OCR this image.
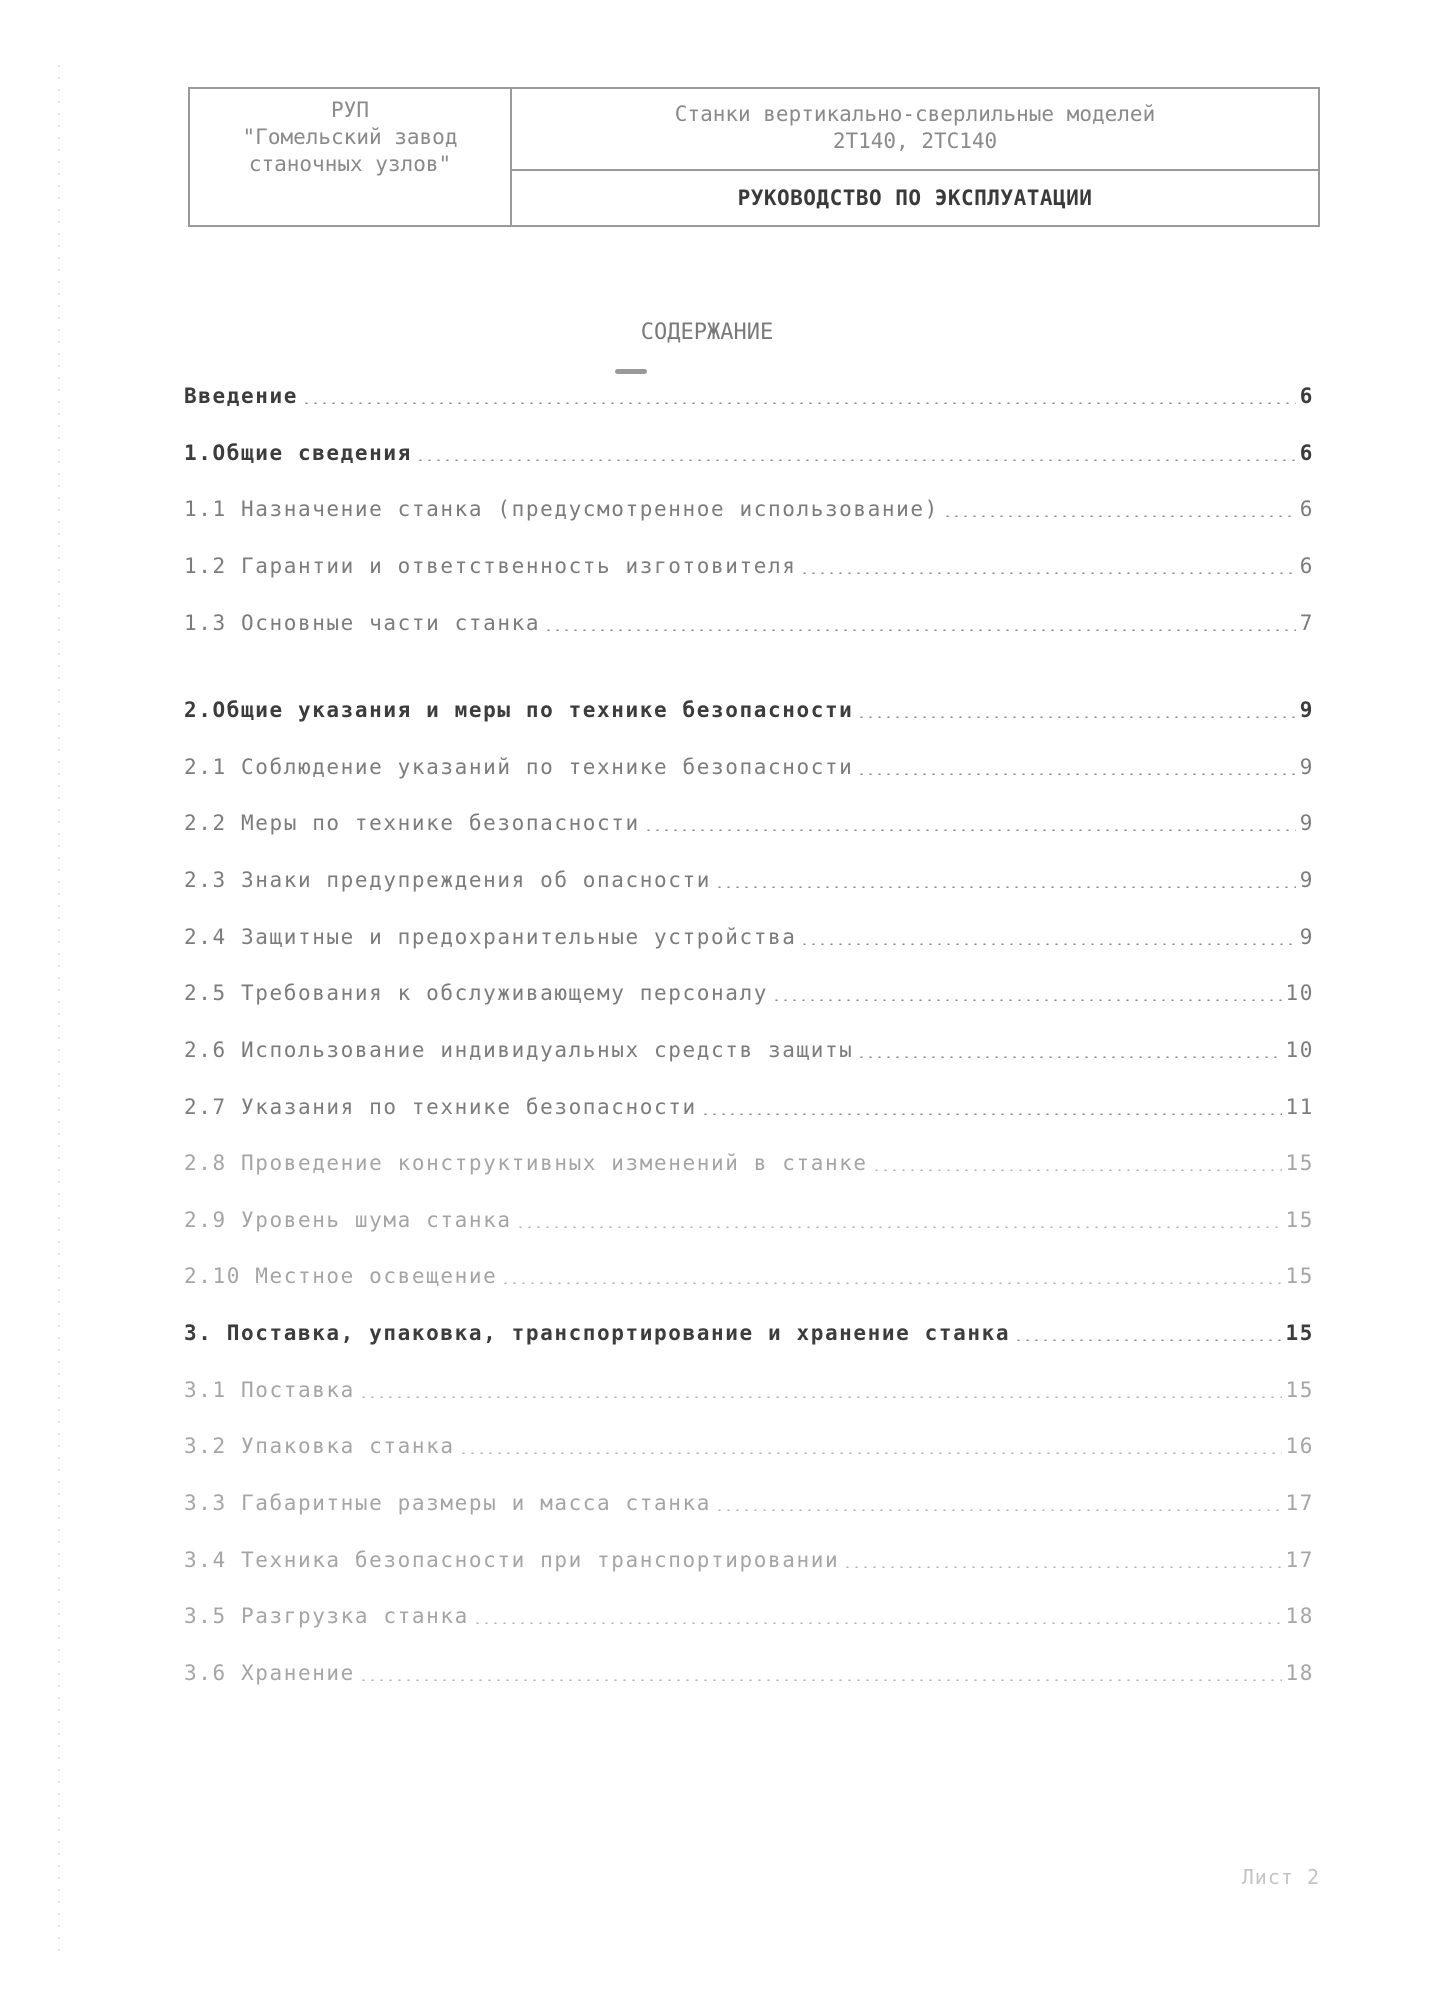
РУП
"Гомельский завод
станочных узлов"
Станки вертикально-сверлильные моделей
2Т140, 2ТС140
РУКОВОДСТВО ПО ЭКСПЛУАТАЦИИ
СОДЕРЖАНИЕ
Введение	6
1.Общие сведения	6
1.1 Назначение станка (предусмотренное использование)	6
1.2 Гарантии и ответственность изготовителя	6
1.3 Основные части станка	7
2.Общие указания и меры по технике безопасности	9
2.1 Соблюдение указаний по технике безопасности	9
2.2 Меры по технике безопасности	9
2.3 Знаки предупреждения об опасности	9
2.4 Защитные и предохранительные устройства	9
2.5 Требования к обслуживающему персоналу	10
2.6 Использование индивидуальных средств защиты	10
2.7 Указания по технике безопасности	11
2.8 Проведение конструктивных изменений в станке	15
2.9 Уровень шума станка	15
2.10 Местное освещение	15
3. Поставка, упаковка, транспортирование и хранение станка	15
3.1 Поставка	15
3.2 Упаковка станка	16
3.3 Габаритные размеры и масса станка	17
3.4 Техника безопасности при транспортировании	17
3.5 Разгрузка станка	18
3.6 Хранение	18
Лист 2
